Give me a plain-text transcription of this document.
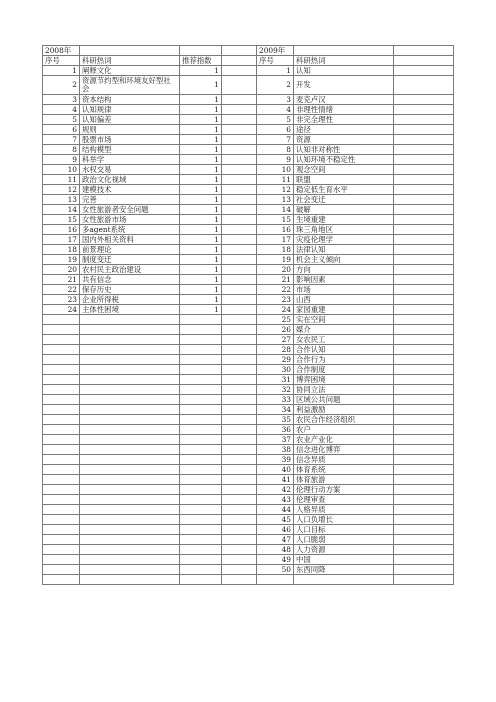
2008年				2009年		
序号	科研热词	推荐指数		序号	科研热词	
1	阐释文化	1		1	认知	
2	资源节约型和环境友好型社会	1		2	开发	
3	资本结构	1		3	麦克卢汉	
4	认知规律	1		4	非理性情绪	
5	认知偏差	1		5	非完全理性	
6	规则	1		6	途径	
7	股票市场	1		7	资源	
8	结构模型	1		8	认知非对称性	
9	科举学	1		9	认知环境不稳定性	
10	水权交易	1		10	观念空间	
11	政治文化视域	1		11	联盟	
12	建模技术	1		12	稳定低生育水平	
13	完善	1		13	社会变迁	
14	女性旅游者安全问题	1		14	破解	
15	女性旅游市场	1		15	生境重建	
16	多agent系统	1		16	珠三角地区	
17	国内外相关资料	1		17	灾疫伦理学	
18	前景理论	1		18	法律认知	
19	制度变迁	1		19	机会主义倾向	
20	农村民主政治建设	1		20	方向	
21	共有信念	1		21	影响因素	
22	保存历史	1		22	市场	
23	企业所得税	1		23	山西	
24	主体性困境	1		24	家园重建	
				25	实在空间	
				26	媒介	
				27	女农民工	
				28	合作认知	
				29	合作行为	
				30	合作制度	
				31	博弈困境	
				32	协同立法	
				33	区域公共问题	
				34	利益激励	
				35	农民合作经济组织	
				36	农户	
				37	农业产业化	
				38	信念进化博弈	
				39	信念异质	
				40	体育系统	
				41	体育旅游	
				42	伦理行动方案	
				43	伦理审查	
				44	人格异质	
				45	人口负增长	
				46	人口目标	
				47	人口脆弱	
				48	人力资源	
				49	中国	
				50	东西同降	
